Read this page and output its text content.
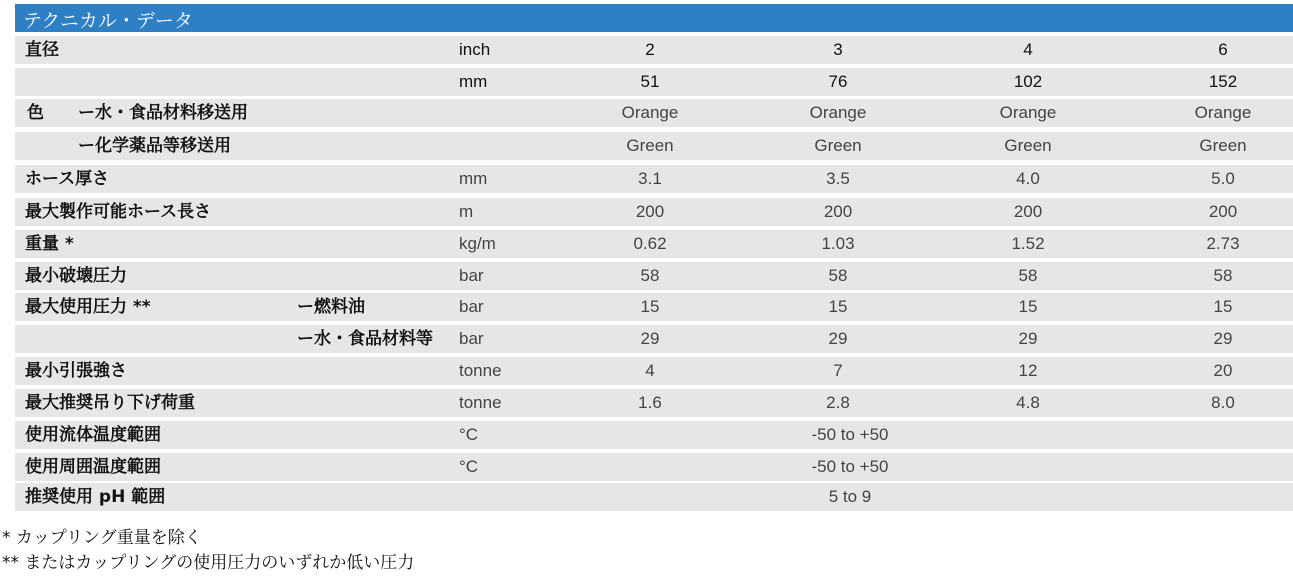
テクニカル・データ
直径	inch	2	3	4	6
mm	51	76	102	152
色 ー水・食品材料移送用	Orange	Orange	Orange	Orange
ー化学薬品等移送用	Green	Green	Green	Green
ホース厚さ	mm	3.1	3.5	4.0	5.0
最大製作可能ホース長さ	m	200	200	200	200
重量 *	kg/m	0.62	1.03	1.52	2.73
最小破壊圧力	bar	58	58	58	58
最大使用圧力 **	ー燃料油	bar	15	15	15	15
ー水・食品材料等 bar	29	29	29	29
最小引張強さ	tonne	4	7	12	20
最大推奨吊り下げ荷重	tonne	1.6	2.8	4.8	8.0
使用流体温度範囲	°C	-50 to +50
使用周囲温度範囲	°C	-50 to +50
推奨使用 pH 範囲	5 to 9
* カップリング重量を除く
** またはカップリングの使用圧力のいずれか低い圧力
